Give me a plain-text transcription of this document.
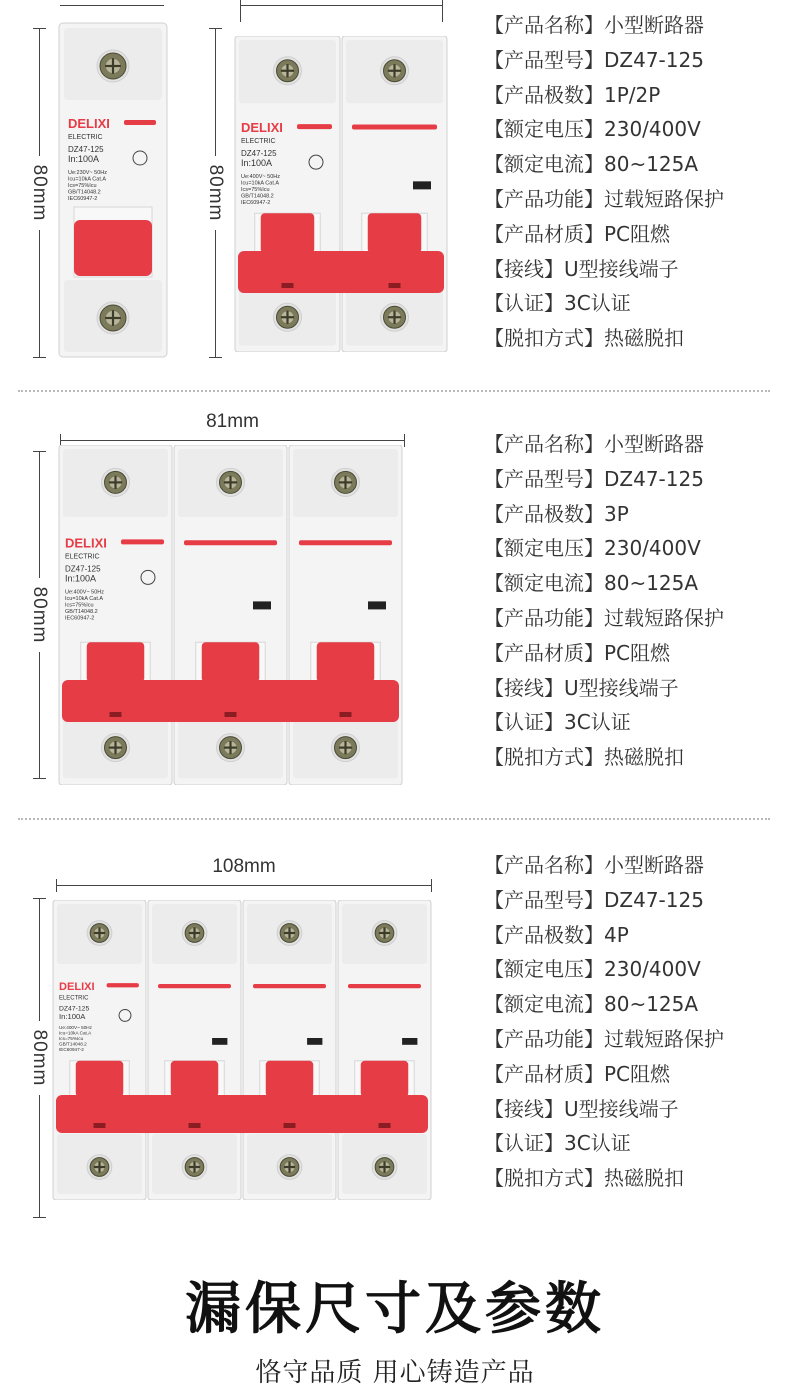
80mm	80mm
DELIXI
ELECTRIC
DZ47-125
In:100A
Ue:230V~ 50Hz
Icu=10kA Cat.A
Ics=75%Icu
GB/T14048.2
IEC60947-2
DELIXI
ELECTRIC
DZ47-125
In:100A
Ue:400V~ 50Hz
Icu=10kA Cat.A
Ics=75%Icu
GB/T14048.2
IEC60947-2
【产品名称】小型断路器
【产品型号】DZ47-125
【产品极数】1P/2P
【额定电压】230/400V
【额定电流】80~125A
【产品功能】过载短路保护
【产品材质】PC阻燃
【接线】U型接线端子
【认证】3C认证
【脱扣方式】热磁脱扣
81mm
80mm
DELIXI
ELECTRIC
DZ47-125
In:100A
Ue:400V~ 50Hz
Icu=10kA Cat.A
Ics=75%Icu
GB/T14048.2
IEC60947-2
【产品名称】小型断路器
【产品型号】DZ47-125
【产品极数】3P
【额定电压】230/400V
【额定电流】80~125A
【产品功能】过载短路保护
【产品材质】PC阻燃
【接线】U型接线端子
【认证】3C认证
【脱扣方式】热磁脱扣
108mm
80mm
DELIXI
ELECTRIC
DZ47-125
In:100A
Ue:400V~ 50Hz
Icu=10kA Cat.A
Ics=75%Icu
GB/T14048.2
IEC60947-2
【产品名称】小型断路器
【产品型号】DZ47-125
【产品极数】4P
【额定电压】230/400V
【额定电流】80~125A
【产品功能】过载短路保护
【产品材质】PC阻燃
【接线】U型接线端子
【认证】3C认证
【脱扣方式】热磁脱扣
漏保尺寸及参数
恪守品质 用心铸造产品
